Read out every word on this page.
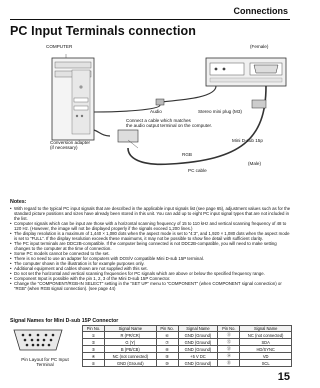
Connections
PC Input Terminals connection
COMPUTER	(Female)
Audio	Stereo mini plug (M3)
Connect a cable which matches
the audio output terminal on the computer.
Conversion adapter
(if necessary)
Mini D-sub 15p
RGB
PC cable
(Male)
Notes:
• With regard to the typical PC input signals that are described in the applicable input signals list (see page 65), adjustment values such as for the standard picture positions and sizes have already been stored in this unit. You can add up to eight PC input signal types that are not included in the list.
• Computer signals which can be input are those with a horizontal scanning frequency of 15 to 110 kHz and vertical scanning frequency of 48 to 120 Hz. (However, the image will not be displayed properly if the signals exceed 1,200 lines.)
• The display resolution is a maximum of 1,440 × 1,080 dots when the aspect mode is set to “4:3”, and 1,920 × 1,080 dots when the aspect mode is set to “FULL”. If the display resolution exceeds these maximums, it may not be possible to show fine detail with sufficient clarity.
• The PC input terminals are DDC2B-compatible. If the computer being connected is not DDC2B-compatible, you will need to make setting changes to the computer at the time of connection.
• Some PC models cannot be connected to the set.
• There is no need to use an adapter for computers with DOS/V compatible Mini D-sub 15P terminal.
• The computer shown in the illustration is for example purposes only.
• Additional equipment and cables shown are not supplied with this set.
• Do not set the horizontal and vertical scanning frequencies for PC signals which are above or below the specified frequency range.
• Component Input is possible with the pin 1, 2, 3 of the Mini D-sub 15P Connector.
• Change the “COMPONENT/RGB-IN SELECT” setting in the “SET UP” menu to “COMPONENT” (when COMPONENT signal connection) or “RGB” (when RGB signal connection). (see page 44)
Signal Names for Mini D-sub 15P Connector
Pin Layout for PC Input Terminal
Pin No.	Signal Name	Pin No.	Signal Name	Pin No.	Signal Name
①	R (PR/CR)	⑥	GND (Ground)	⑪	NC (not connected)
②	G (Y)	⑦	GND (Ground)	⑫	SDA
③	B (PB/CB)	⑧	GND (Ground)	⑬	HD/SYNC
④	NC (not connected)	⑨	+5 V DC	⑭	VD
⑤	GND (Ground)	⑩	GND (Ground)	⑮	SCL
15
